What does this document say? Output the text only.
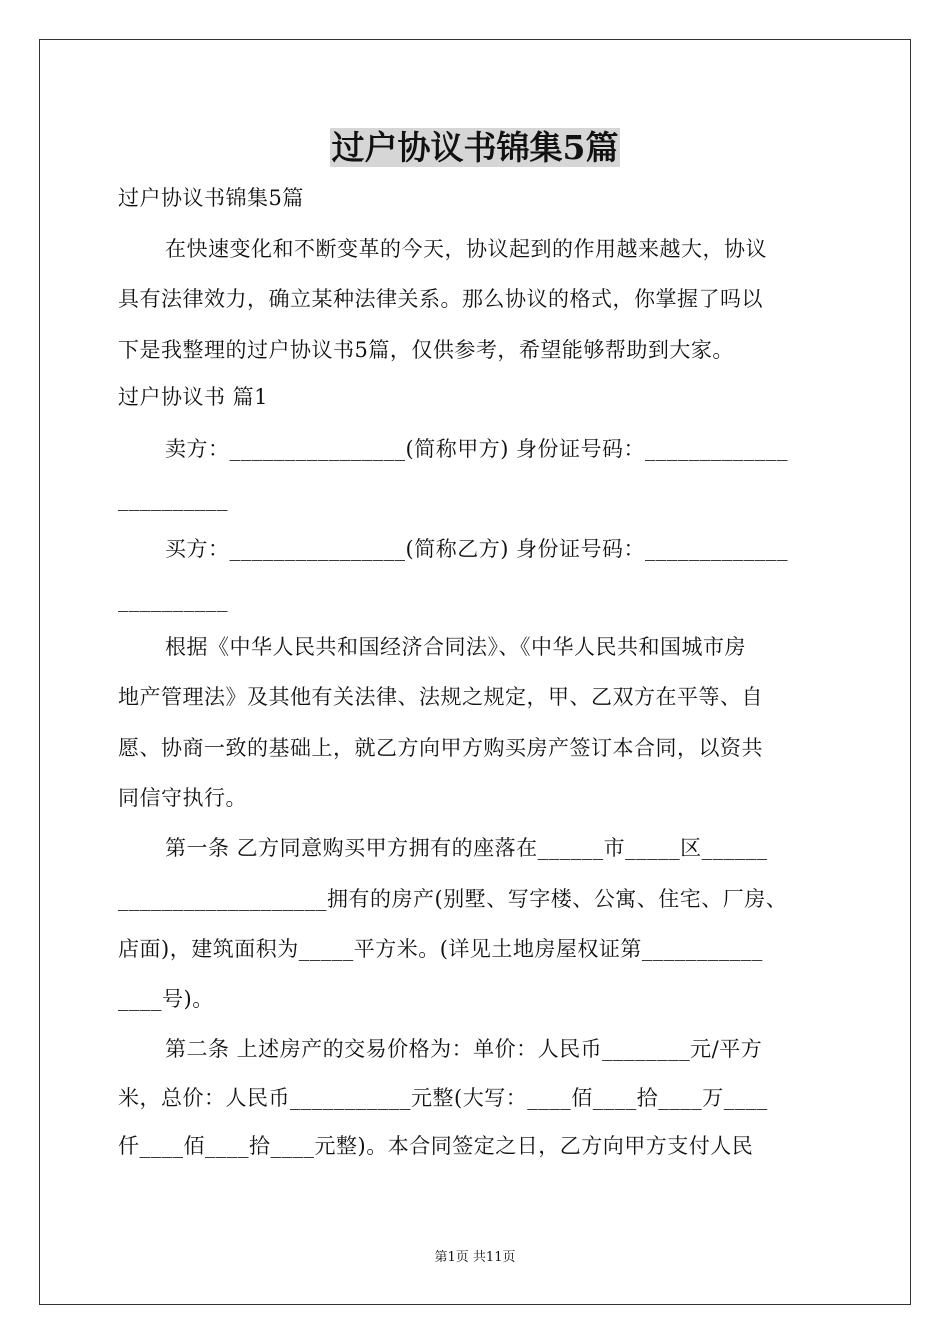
过户协议书锦集5篇
过户协议书锦集5篇
在快速变化和不断变革的今天，协议起到的作用越来越大，协议
具有法律效力，确立某种法律关系。那么协议的格式，你掌握了吗以
下是我整理的过户协议书5篇，仅供参考，希望能够帮助到大家。
过户协议书 篇1
卖方：________________(简称甲方) 身份证号码：_____________
__________
买方：________________(简称乙方) 身份证号码：_____________
__________
根据《中华人民共和国经济合同法》、《中华人民共和国城市房
地产管理法》及其他有关法律、法规之规定，甲、乙双方在平等、自
愿、协商一致的基础上，就乙方向甲方购买房产签订本合同，以资共
同信守执行。
第一条 乙方同意购买甲方拥有的座落在______市_____区______
___________________拥有的房产(别墅、写字楼、公寓、住宅、厂房、
店面)，建筑面积为_____平方米。(详见土地房屋权证第___________
____号)。
第二条 上述房产的交易价格为：单价：人民币________元/平方
米，总价：人民币___________元整(大写：____佰____拾____万____
仟____佰____拾____元整)。本合同签定之日，乙方向甲方支付人民
第1页 共11页
